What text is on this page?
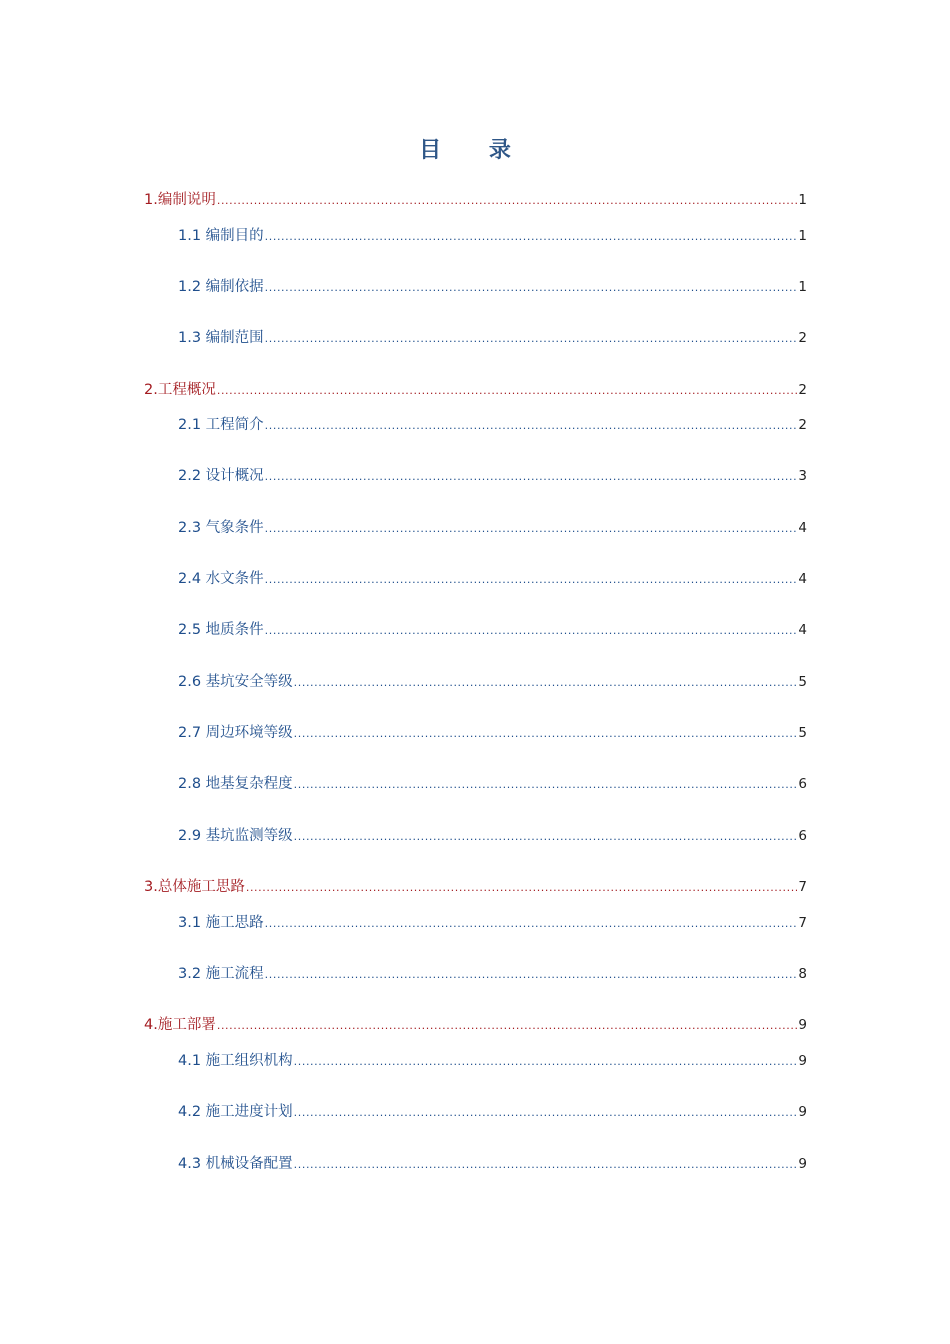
目 录
1.编制说明 .....	1
1.1 编制目的 .....	1
1.2 编制依据 .....	1
1.3 编制范围 .....	2
2.工程概况 .....	2
2.1 工程简介 .....	2
2.2 设计概况 .....	3
2.3 气象条件 .....	4
2.4 水文条件 .....	4
2.5 地质条件 .....	4
2.6 基坑安全等级 .....	5
2.7 周边环境等级 .....	5
2.8 地基复杂程度 .....	6
2.9 基坑监测等级 .....	6
3.总体施工思路 .....	7
3.1 施工思路 .....	7
3.2 施工流程 .....	8
4.施工部署 .....	9
4.1 施工组织机构 .....	9
4.2 施工进度计划 .....	9
4.3 机械设备配置 .....	9
